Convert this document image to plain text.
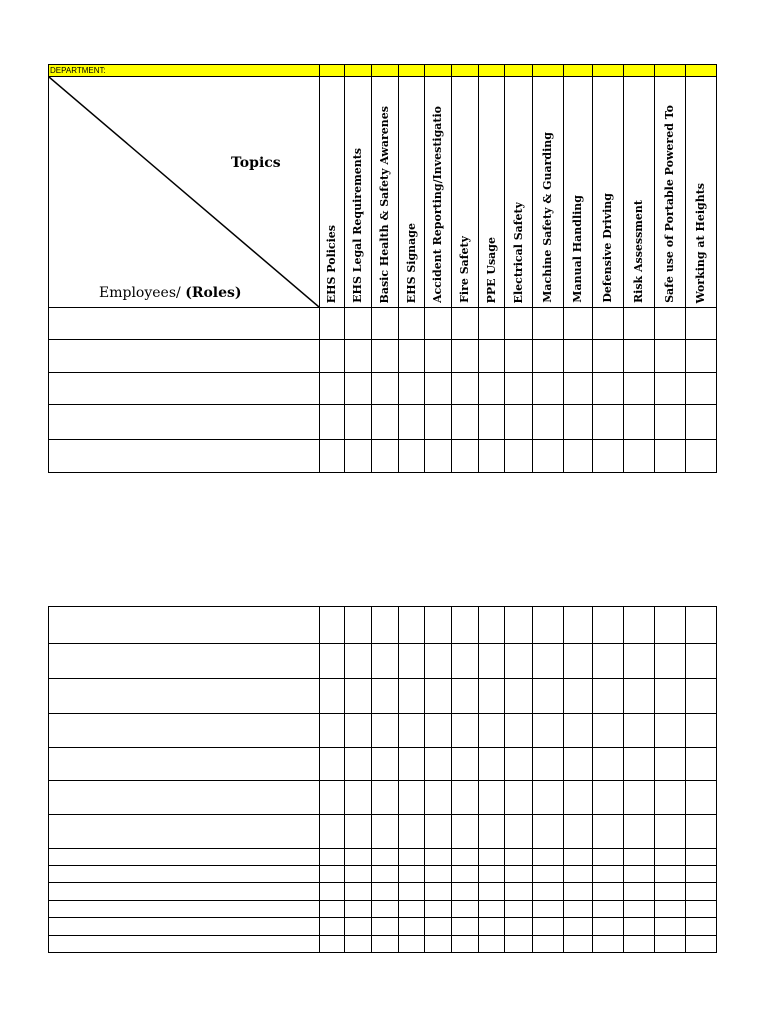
DEPARTMENT:														

Topics
Employees/ (Roles)	EHS Policies	EHS Legal Requirements	Basic Health & Safety Awarenes	EHS Signage	Accident Reporting/Investigatio	Fire Safety	PPE Usage	Electrical Safety	Machine Safety & Guarding	Manual Handling	Defensive Driving	Risk Assessment	Safe use of Portable Powered To	Working at Heights
